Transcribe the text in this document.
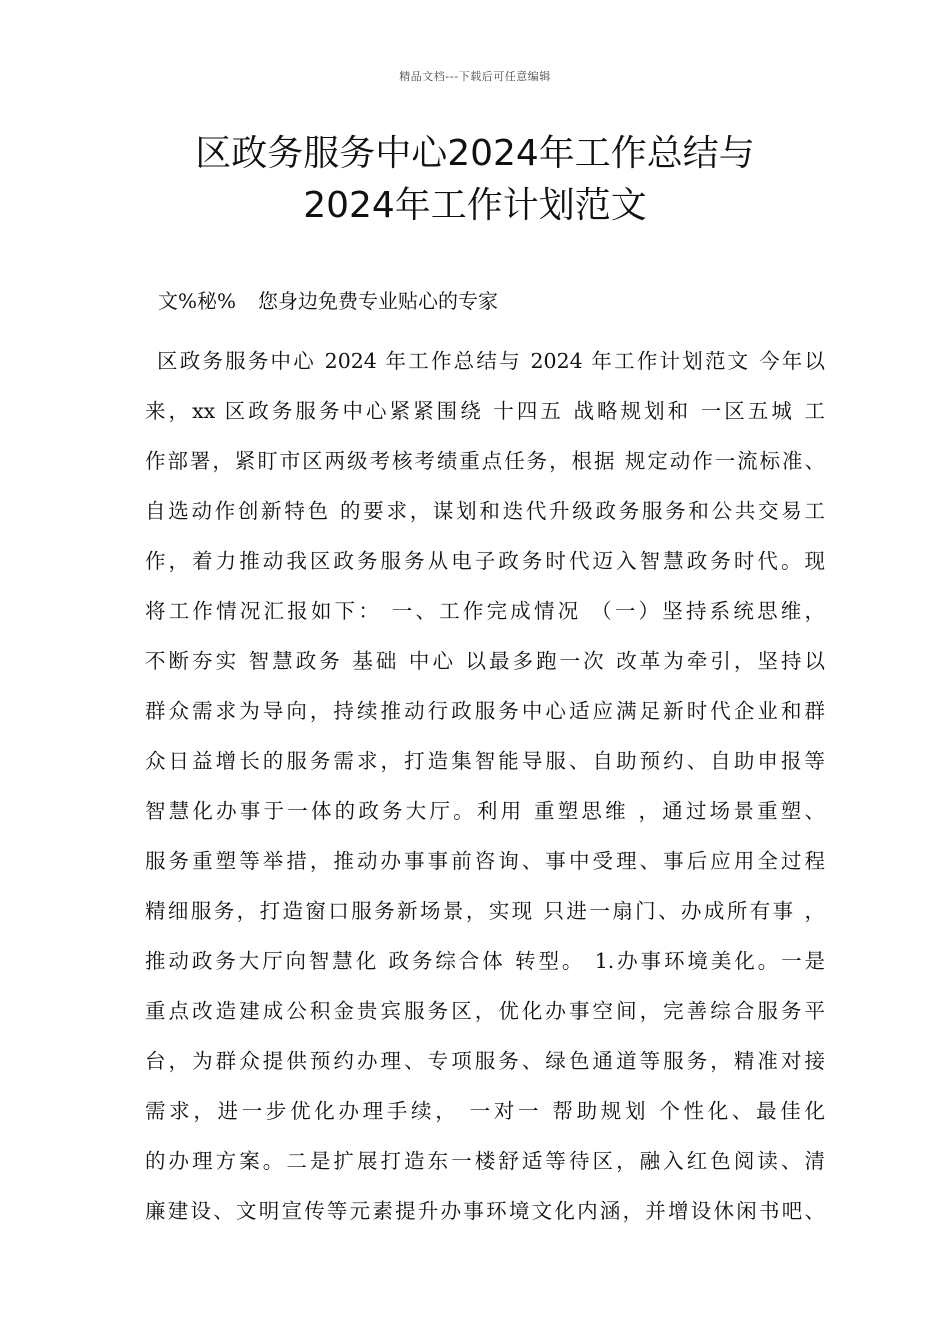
精品文档---下载后可任意编辑
区政务服务中心2024年工作总结与
2024年工作计划范文
文%秘% 您身边免费专业贴心的专家
区政务服务中心 2024 年工作总结与 2024 年工作计划范文 今年以
来，xx 区政务服务中心紧紧围绕 十四五 战略规划和 一区五城 工
作部署，紧盯市区两级考核考绩重点任务，根据 规定动作一流标准、
自选动作创新特色 的要求，谋划和迭代升级政务服务和公共交易工
作，着力推动我区政务服务从电子政务时代迈入智慧政务时代。现
将工作情况汇报如下： 一、工作完成情况 （一）坚持系统思维，
不断夯实 智慧政务 基础 中心 以最多跑一次 改革为牵引，坚持以
群众需求为导向，持续推动行政服务中心适应满足新时代企业和群
众日益增长的服务需求，打造集智能导服、自助预约、自助申报等
智慧化办事于一体的政务大厅。利用 重塑思维 ，通过场景重塑、
服务重塑等举措，推动办事事前咨询、事中受理、事后应用全过程
精细服务，打造窗口服务新场景，实现 只进一扇门、办成所有事 ，
推动政务大厅向智慧化 政务综合体 转型。 1.办事环境美化。一是
重点改造建成公积金贵宾服务区，优化办事空间，完善综合服务平
台，为群众提供预约办理、专项服务、绿色通道等服务，精准对接
需求，进一步优化办理手续， 一对一 帮助规划 个性化、最佳化
的办理方案。二是扩展打造东一楼舒适等待区，融入红色阅读、清
廉建设、文明宣传等元素提升办事环境文化内涵，并增设休闲书吧、
